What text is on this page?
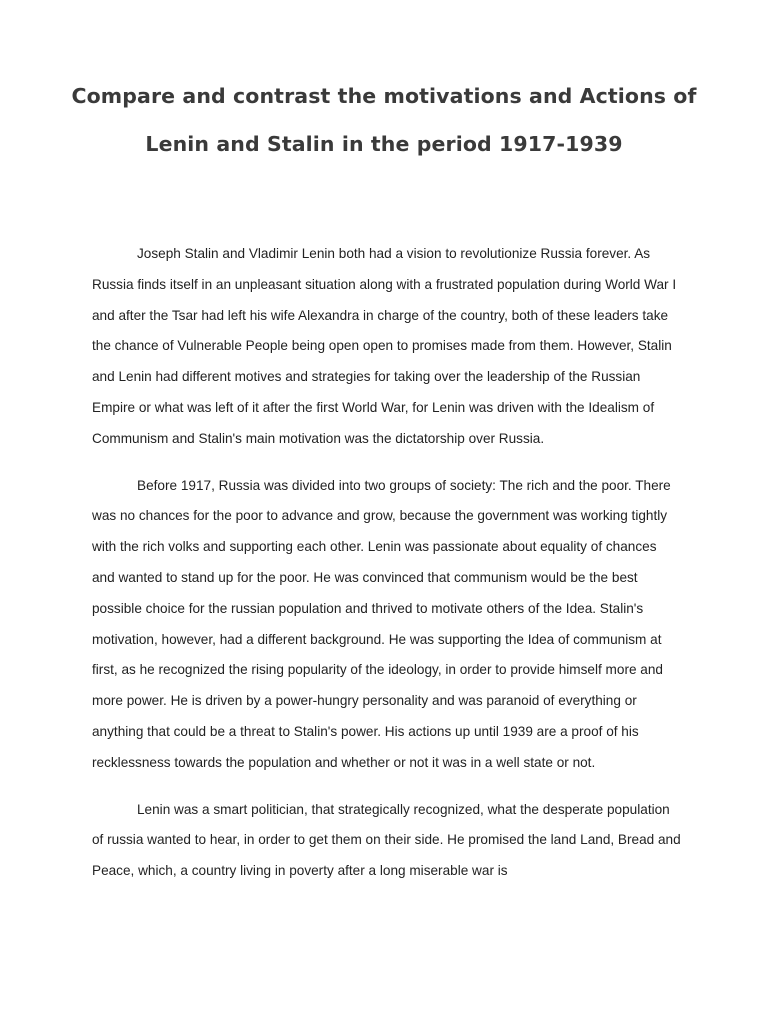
Compare and contrast the motivations and Actions of Lenin and Stalin in the period 1917-1939

Joseph Stalin and Vladimir Lenin both had a vision to revolutionize Russia forever. As Russia finds itself in an unpleasant situation along with a frustrated population during World War I and after the Tsar had left his wife Alexandra in charge of the country, both of these leaders take the chance of Vulnerable People being open open to promises made from them. However, Stalin and Lenin had different motives and strategies for taking over the leadership of the Russian Empire or what was left of it after the first World War, for Lenin was driven with the Idealism of Communism and Stalin's main motivation was the dictatorship over Russia.

Before 1917, Russia was divided into two groups of society: The rich and the poor. There was no chances for the poor to advance and grow, because the government was working tightly with the rich volks and supporting each other. Lenin was passionate about equality of chances and wanted to stand up for the poor. He was convinced that communism would be the best possible choice for the russian population and thrived to motivate others of the Idea. Stalin's motivation, however, had a different background. He was supporting the Idea of communism at first, as he recognized the rising popularity of the ideology, in order to provide himself more and more power. He is driven by a power-hungry personality and was paranoid of everything or anything that could be a threat to Stalin's power. His actions up until 1939 are a proof of his recklessness towards the population and whether or not it was in a well state or not.

Lenin was a smart politician, that strategically recognized, what the desperate population of russia wanted to hear, in order to get them on their side. He promised the land Land, Bread and Peace, which, a country living in poverty after a long miserable war is
